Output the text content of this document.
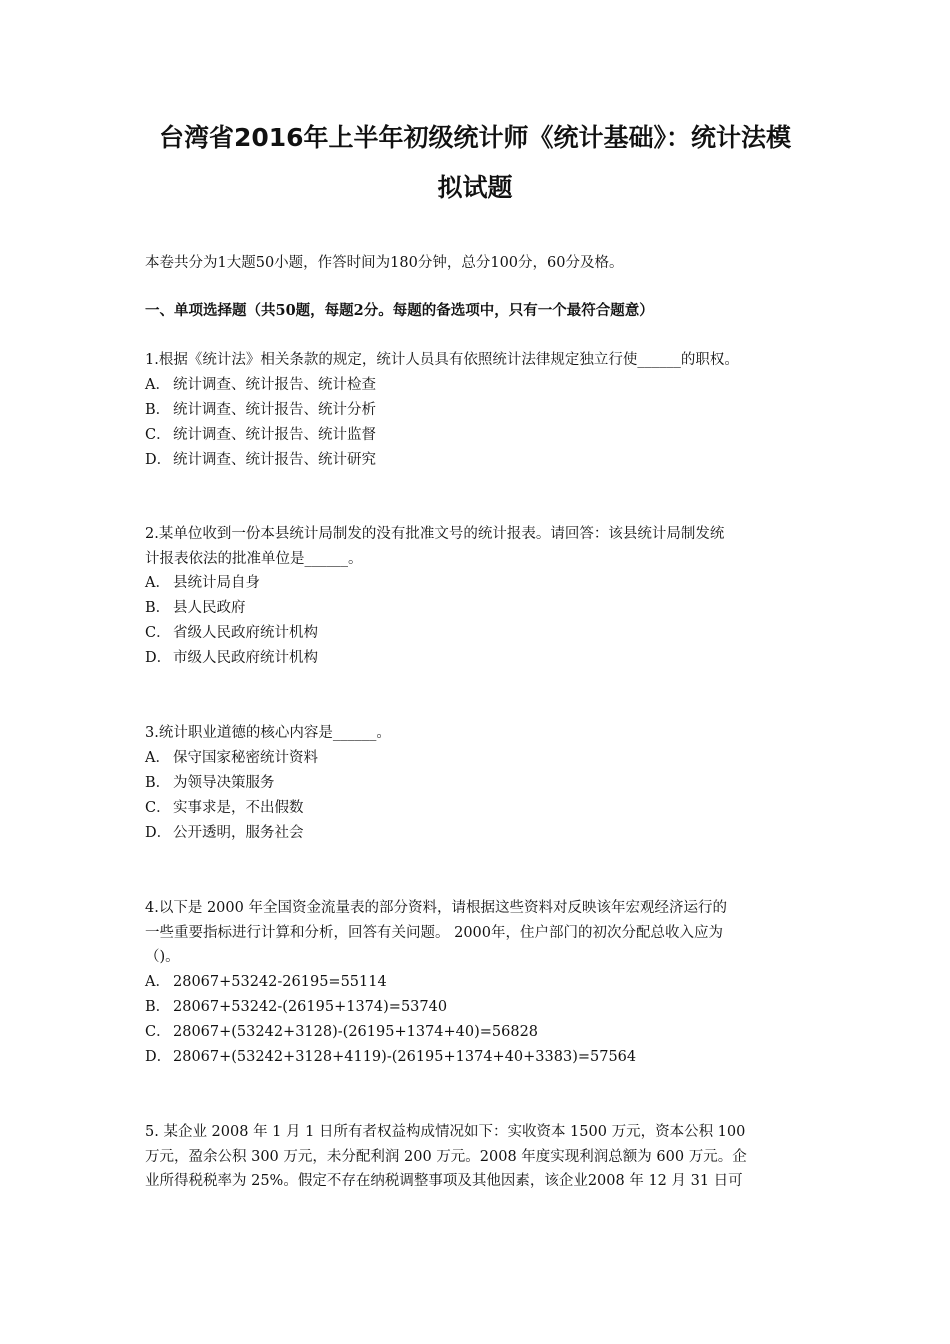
台湾省2016年上半年初级统计师《统计基础》：统计法模
拟试题
本卷共分为1大题50小题，作答时间为180分钟，总分100分，60分及格。
一、单项选择题（共50题，每题2分。每题的备选项中，只有一个最符合题意）

1.根据《统计法》相关条款的规定，统计人员具有依照统计法律规定独立行使______的职权。

A． 统计调查、统计报告、统计检查
B． 统计调查、统计报告、统计分析
C． 统计调查、统计报告、统计监督
D． 统计调查、统计报告、统计研究

2.某单位收到一份本县统计局制发的没有批准文号的统计报表。请回答：该县统计局制发统
计报表依法的批准单位是______。

A． 县统计局自身
B． 县人民政府
C． 省级人民政府统计机构
D． 市级人民政府统计机构

3.统计职业道德的核心内容是______。

A． 保守国家秘密统计资料
B． 为领导决策服务
C． 实事求是，不出假数
D． 公开透明，服务社会

4.以下是 2000 年全国资金流量表的部分资料，请根据这些资料对反映该年宏观经济运行的
一些重要指标进行计算和分析，回答有关问题。 2000年，住户部门的初次分配总收入应为
（)。

A． 28067+53242-26195=55114
B． 28067+53242-(26195+1374)=53740
C． 28067+(53242+3128)-(26195+1374+40)=56828
D． 28067+(53242+3128+4119)-(26195+1374+40+3383)=57564

5. 某企业 2008 年 1 月 1 日所有者权益构成情况如下：实收资本 1500 万元，资本公积 100
万元，盈余公积 300 万元，未分配利润 200 万元。2008 年度实现利润总额为 600 万元。企
业所得税税率为 25%。假定不存在纳税调整事项及其他因素，该企业2008 年 12 月 31 日可
